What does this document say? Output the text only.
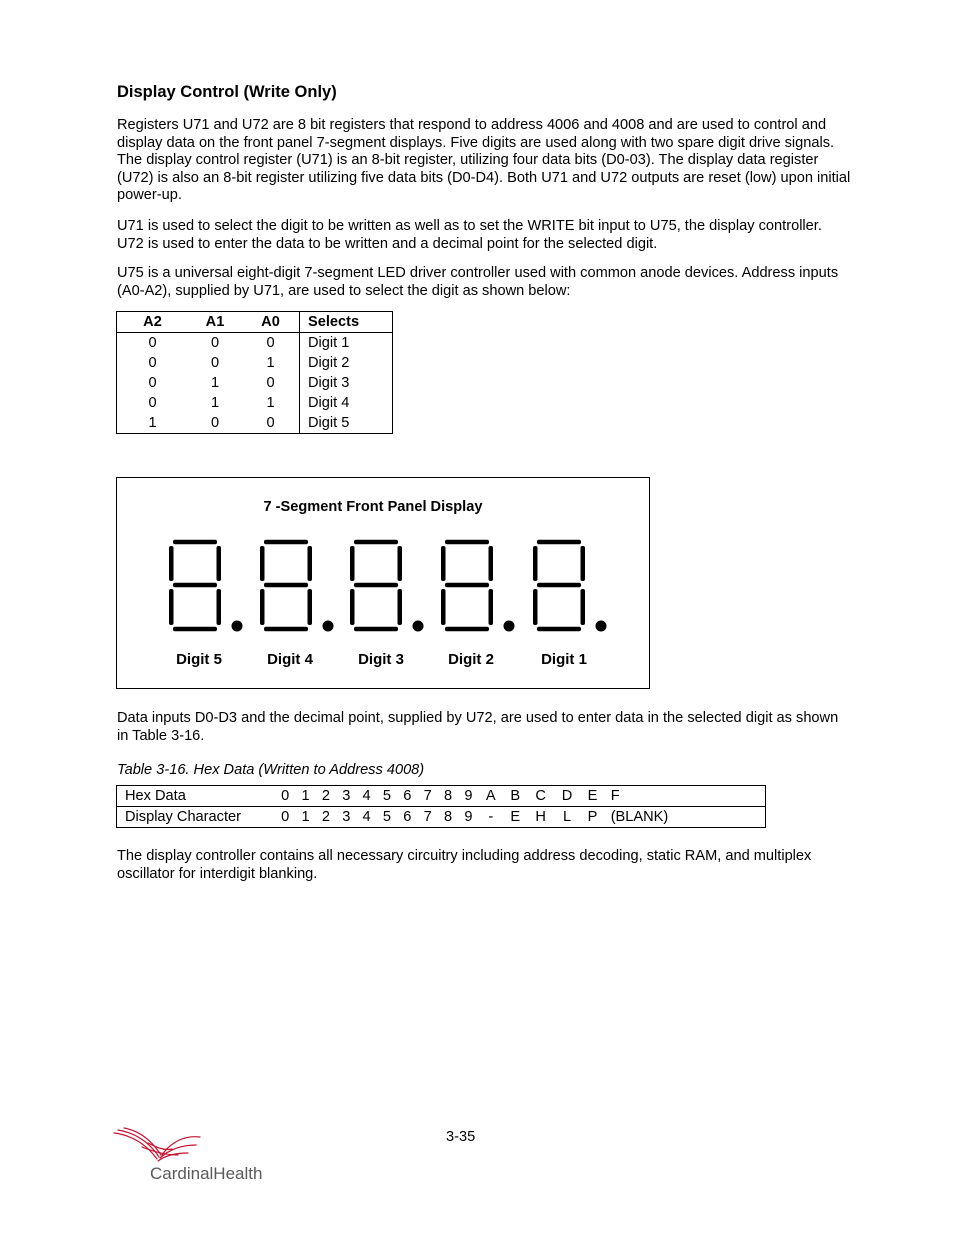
Display Control (Write Only)

Registers U71 and U72 are 8 bit registers that respond to address 4006 and 4008 and are used to control and display data on the front panel 7-segment displays. Five digits are used along with two spare digit drive signals. The display control register (U71) is an 8-bit register, utilizing four data bits (D0-03). The display data register (U72) is also an 8-bit register utilizing five data bits (D0-D4). Both U71 and U72 outputs are reset (low) upon initial power-up.

U71 is used to select the digit to be written as well as to set the WRITE bit input to U75, the display controller. U72 is used to enter the data to be written and a decimal point for the selected digit.

U75 is a universal eight-digit 7-segment LED driver controller used with common anode devices. Address inputs (A0-A2), supplied by U71, are used to select the digit as shown below:

A2	A1	A0	Selects
0	0	0	Digit 1
0	0	1	Digit 2
0	1	0	Digit 3
0	1	1	Digit 4
1	0	0	Digit 5
7 -Segment Front Panel Display
Digit 5	Digit 4	Digit 3	Digit 2	Digit 1

Data inputs D0-D3 and the decimal point, supplied by U72, are used to enter data in the selected digit as shown in Table 3-16.

Table 3-16. Hex Data (Written to Address 4008)
Hex Data	0	1	2	3	4	5	6	7	8	9	A	B	C	D	E	F
Display Character	0	1	2	3	4	5	6	7	8	9	-	E	H	L	P	(BLANK)

The display controller contains all necessary circuitry including address decoding, static RAM, and multiplex oscillator for interdigit blanking.

3-35
CardinalHealth
